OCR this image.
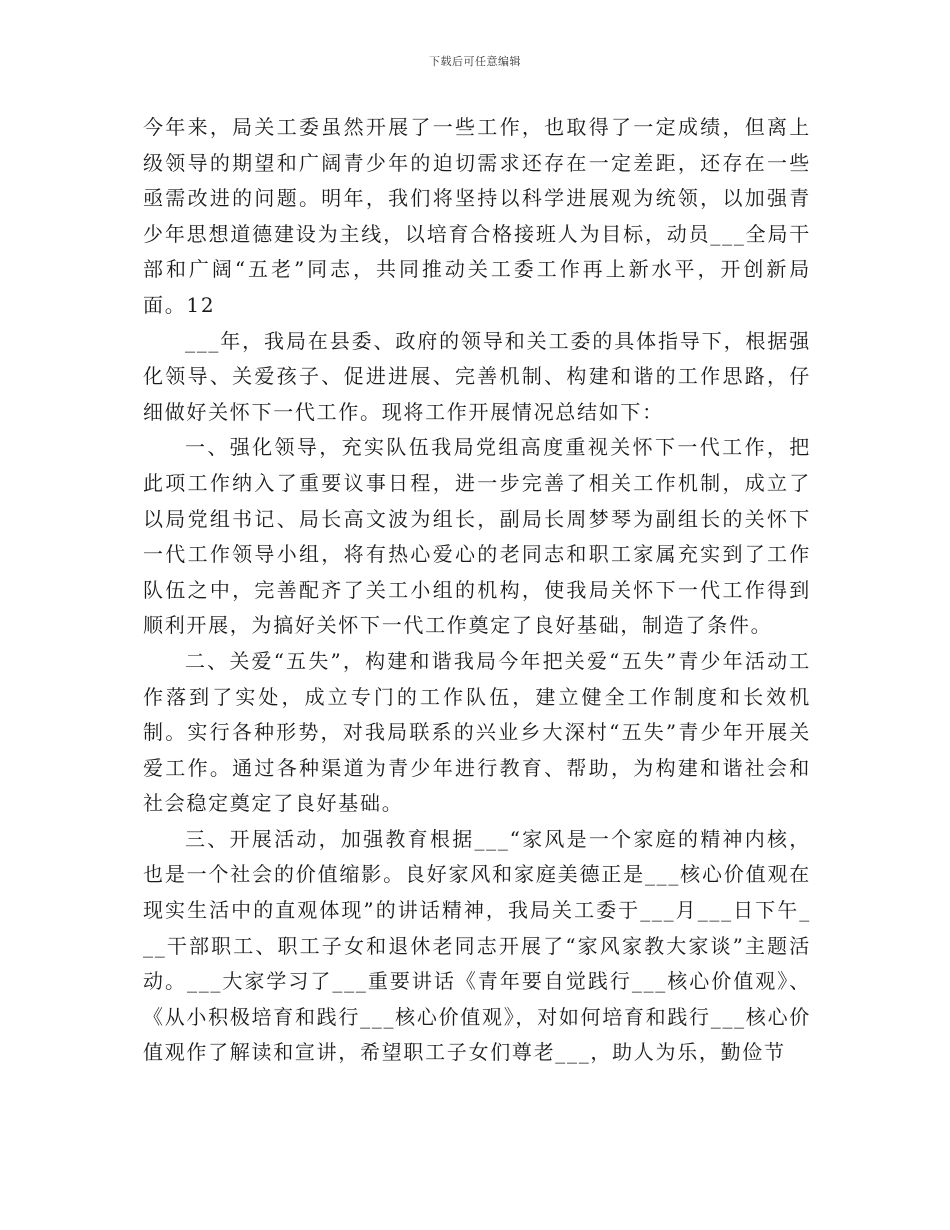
下载后可任意编辑

今年来，局关工委虽然开展了一些工作，也取得了一定成绩，但离上级领导的期望和广阔青少年的迫切需求还存在一定差距，还存在一些亟需改进的问题。明年，我们将坚持以科学进展观为统领，以加强青少年思想道德建设为主线，以培育合格接班人为目标，动员___全局干部和广阔“五老”同志，共同推动关工委工作再上新水平，开创新局面。12

___年，我局在县委、政府的领导和关工委的具体指导下，根据强化领导、关爱孩子、促进进展、完善机制、构建和谐的工作思路，仔细做好关怀下一代工作。现将工作开展情况总结如下：

一、强化领导，充实队伍我局党组高度重视关怀下一代工作，把此项工作纳入了重要议事日程，进一步完善了相关工作机制，成立了以局党组书记、局长高文波为组长，副局长周梦琴为副组长的关怀下一代工作领导小组，将有热心爱心的老同志和职工家属充实到了工作队伍之中，完善配齐了关工小组的机构，使我局关怀下一代工作得到顺利开展，为搞好关怀下一代工作奠定了良好基础，制造了条件。

二、关爱“五失”，构建和谐我局今年把关爱“五失”青少年活动工作落到了实处，成立专门的工作队伍，建立健全工作制度和长效机制。实行各种形势，对我局联系的兴业乡大深村“五失”青少年开展关爱工作。通过各种渠道为青少年进行教育、帮助，为构建和谐社会和社会稳定奠定了良好基础。

三、开展活动，加强教育根据___“家风是一个家庭的精神内核，也是一个社会的价值缩影。良好家风和家庭美德正是___核心价值观在现实生活中的直观体现”的讲话精神，我局关工委于___月___日下午___干部职工、职工子女和退休老同志开展了“家风家教大家谈”主题活动。___大家学习了___重要讲话《青年要自觉践行___核心价值观》、《从小积极培育和践行___核心价值观》，对如何培育和践行___核心价值观作了解读和宣讲，希望职工子女们尊老___，助人为乐，勤俭节
